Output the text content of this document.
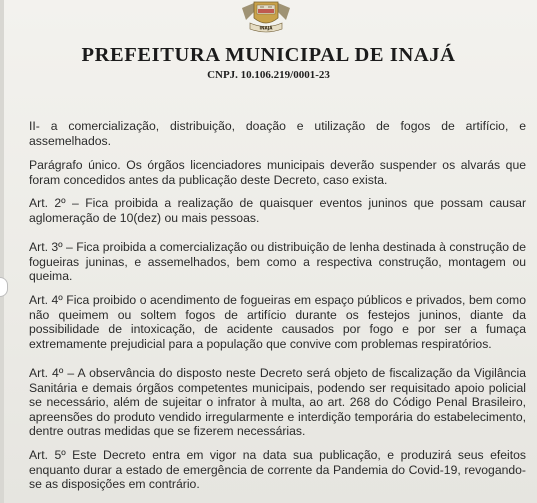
INAJÁ
PREFEITURA MUNICIPAL DE INAJÁ
CNPJ. 10.106.219/0001-23
II- a comercialização, distribuição, doação e utilização de fogos de artifício, e assemelhados.
Parágrafo único. Os órgãos licenciadores municipais deverão suspender os alvarás que foram concedidos antes da publicação deste Decreto, caso exista.
Art. 2º – Fica proibida a realização de quaisquer eventos juninos que possam causar aglomeração de 10(dez) ou mais pessoas.
Art. 3º – Fica proibida a comercialização ou distribuição de lenha destinada à construção de fogueiras juninas, e assemelhados, bem como a respectiva construção, montagem ou queima.
Art. 4º Fica proibido o acendimento de fogueiras em espaço públicos e privados, bem como não queimem ou soltem fogos de artifício durante os festejos juninos, diante da possibilidade de intoxicação, de acidente causados por fogo e por ser a fumaça extremamente prejudicial para a população que convive com problemas respiratórios.
Art. 4º – A observância do disposto neste Decreto será objeto de fiscalização da Vigilância Sanitária e demais órgãos competentes municipais, podendo ser requisitado apoio policial se necessário, além de sujeitar o infrator à multa, ao art. 268 do Código Penal Brasileiro, apreensões do produto vendido irregularmente e interdição temporária do estabelecimento, dentre outras medidas que se fizerem necessárias.
Art. 5º Este Decreto entra em vigor na data sua publicação, e produzirá seus efeitos enquanto durar a estado de emergência de corrente da Pandemia do Covid-19, revogando-se as disposições em contrário.
